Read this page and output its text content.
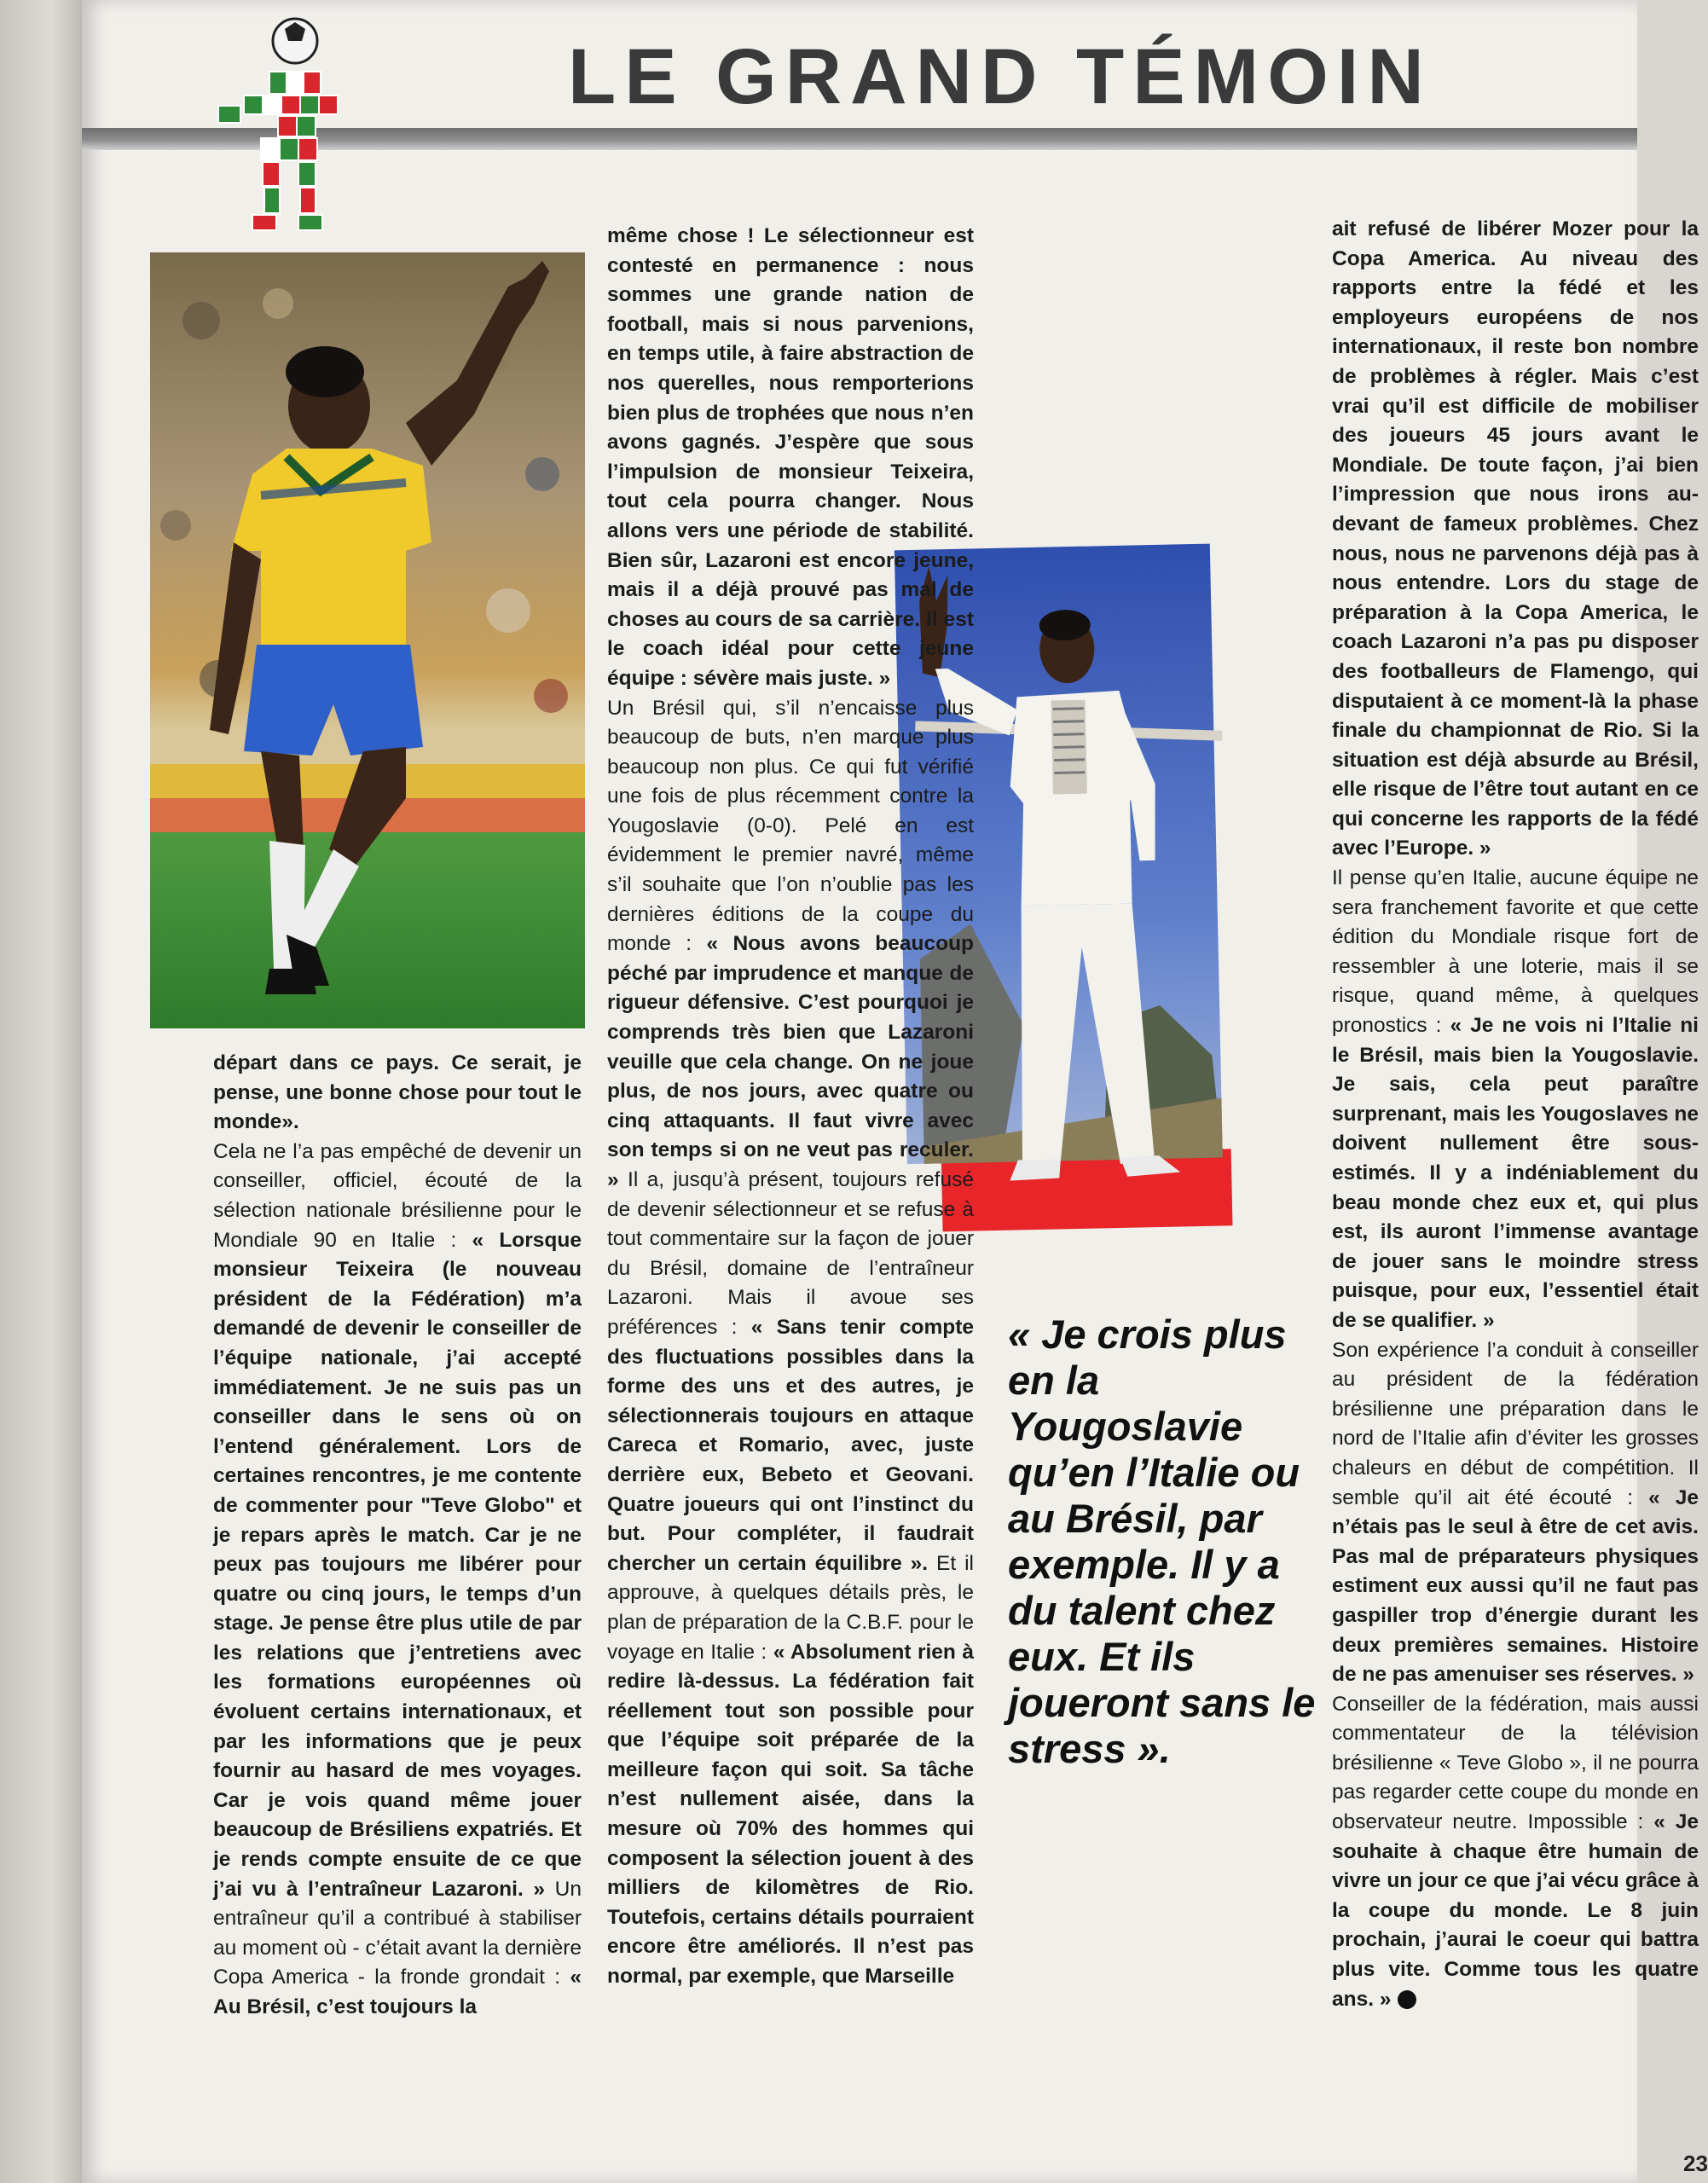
LE GRAND TÉMOIN

départ dans ce pays. Ce serait, je pense, une bonne chose pour tout le monde».

Cela ne l’a pas empêché de devenir un conseiller, officiel, écouté de la sélection nationale brésilienne pour le Mondiale 90 en Italie : « Lorsque monsieur Teixeira (le nouveau président de la Fédération) m’a demandé de devenir le conseiller de l’équipe nationale, j’ai accepté immédiatement. Je ne suis pas un conseiller dans le sens où on l’entend généralement. Lors de certaines rencontres, je me contente de commenter pour "Teve Globo" et je repars après le match. Car je ne peux pas toujours me libérer pour quatre ou cinq jours, le temps d’un stage. Je pense être plus utile de par les relations que j’entretiens avec les formations européennes où évoluent certains internationaux, et par les informations que je peux fournir au hasard de mes voyages. Car je vois quand même jouer beaucoup de Brésiliens expatriés. Et je rends compte ensuite de ce que j’ai vu à l’entraîneur Lazaroni. » Un entraîneur qu’il a contribué à stabiliser au moment où - c’était avant la dernière Copa America - la fronde grondait : « Au Brésil, c’est toujours la

même chose ! Le sélectionneur est contesté en permanence : nous sommes une grande nation de football, mais si nous parvenions, en temps utile, à faire abstraction de nos querelles, nous remporterions bien plus de trophées que nous n’en avons gagnés. J’espère que sous l’impulsion de monsieur Teixeira, tout cela pourra changer. Nous allons vers une période de stabilité. Bien sûr, Lazaroni est encore jeune, mais il a déjà prouvé pas mal de choses au cours de sa carrière. Il est le coach idéal pour cette jeune équipe : sévère mais juste. »

Un Brésil qui, s’il n’encaisse plus beaucoup de buts, n’en marque plus beaucoup non plus. Ce qui fut vérifié une fois de plus récemment contre la Yougoslavie (0-0). Pelé en est évidemment le premier navré, même s’il souhaite que l’on n’oublie pas les dernières éditions de la coupe du monde : « Nous avons beaucoup péché par imprudence et manque de rigueur défensive. C’est pourquoi je comprends très bien que Lazaroni veuille que cela change. On ne joue plus, de nos jours, avec quatre ou cinq attaquants. Il faut vivre avec son temps si on ne veut pas reculer. » Il a, jusqu’à présent, toujours refusé de devenir sélectionneur et se refuse à tout commentaire sur la façon de jouer du Brésil, domaine de l’entraîneur Lazaroni. Mais il avoue ses préférences : « Sans tenir compte des fluctuations possibles dans la forme des uns et des autres, je sélectionnerais toujours en attaque Careca et Romario, avec, juste derrière eux, Bebeto et Geovani. Quatre joueurs qui ont l’instinct du but. Pour compléter, il faudrait chercher un certain équilibre ». Et il approuve, à quelques détails près, le plan de préparation de la C.B.F. pour le voyage en Italie : « Absolument rien à redire là-dessus. La fédération fait réellement tout son possible pour que l’équipe soit préparée de la meilleure façon qui soit. Sa tâche n’est nullement aisée, dans la mesure où 70% des hommes qui composent la sélection jouent à des milliers de kilomètres de Rio. Toutefois, certains détails pourraient encore être améliorés. Il n’est pas normal, par exemple, que Marseille

ait refusé de libérer Mozer pour la Copa America. Au niveau des rapports entre la fédé et les employeurs européens de nos internationaux, il reste bon nombre de problèmes à régler. Mais c’est vrai qu’il est difficile de mobiliser des joueurs 45 jours avant le Mondiale. De toute façon, j’ai bien l’impression que nous irons au-devant de fameux problèmes. Chez nous, nous ne parvenons déjà pas à nous entendre. Lors du stage de préparation à la Copa America, le coach Lazaroni n’a pas pu disposer des footballeurs de Flamengo, qui disputaient à ce moment-là la phase finale du championnat de Rio. Si la situation est déjà absurde au Brésil, elle risque de l’être tout autant en ce qui concerne les rapports de la fédé avec l’Europe. »

Il pense qu’en Italie, aucune équipe ne sera franchement favorite et que cette édition du Mondiale risque fort de ressembler à une loterie, mais il se risque, quand même, à quelques pronostics : « Je ne vois ni l’Italie ni le Brésil, mais bien la Yougoslavie. Je sais, cela peut paraître surprenant, mais les Yougoslaves ne doivent nullement être sous-estimés. Il y a indéniablement du beau monde chez eux et, qui plus est, ils auront l’immense avantage de jouer sans le moindre stress puisque, pour eux, l’essentiel était de se qualifier. »

Son expérience l’a conduit à conseiller au président de la fédération brésilienne une préparation dans le nord de l’Italie afin d’éviter les grosses chaleurs en début de compétition. Il semble qu’il ait été écouté : « Je n’étais pas le seul à être de cet avis. Pas mal de préparateurs physiques estiment eux aussi qu’il ne faut pas gaspiller trop d’énergie durant les deux premières semaines. Histoire de ne pas amenuiser ses réserves. »

Conseiller de la fédération, mais aussi commentateur de la télévision brésilienne « Teve Globo », il ne pourra pas regarder cette coupe du monde en observateur neutre. Impossible : « Je souhaite à chaque être humain de vivre un jour ce que j’ai vécu grâce à la coupe du monde. Le 8 juin prochain, j’aurai le coeur qui battra plus vite. Comme tous les quatre ans. »

« Je crois plus en la Yougoslavie qu’en l’Italie ou au Brésil, par exemple. Il y a du talent chez eux. Et ils joueront sans le stress ».
23
